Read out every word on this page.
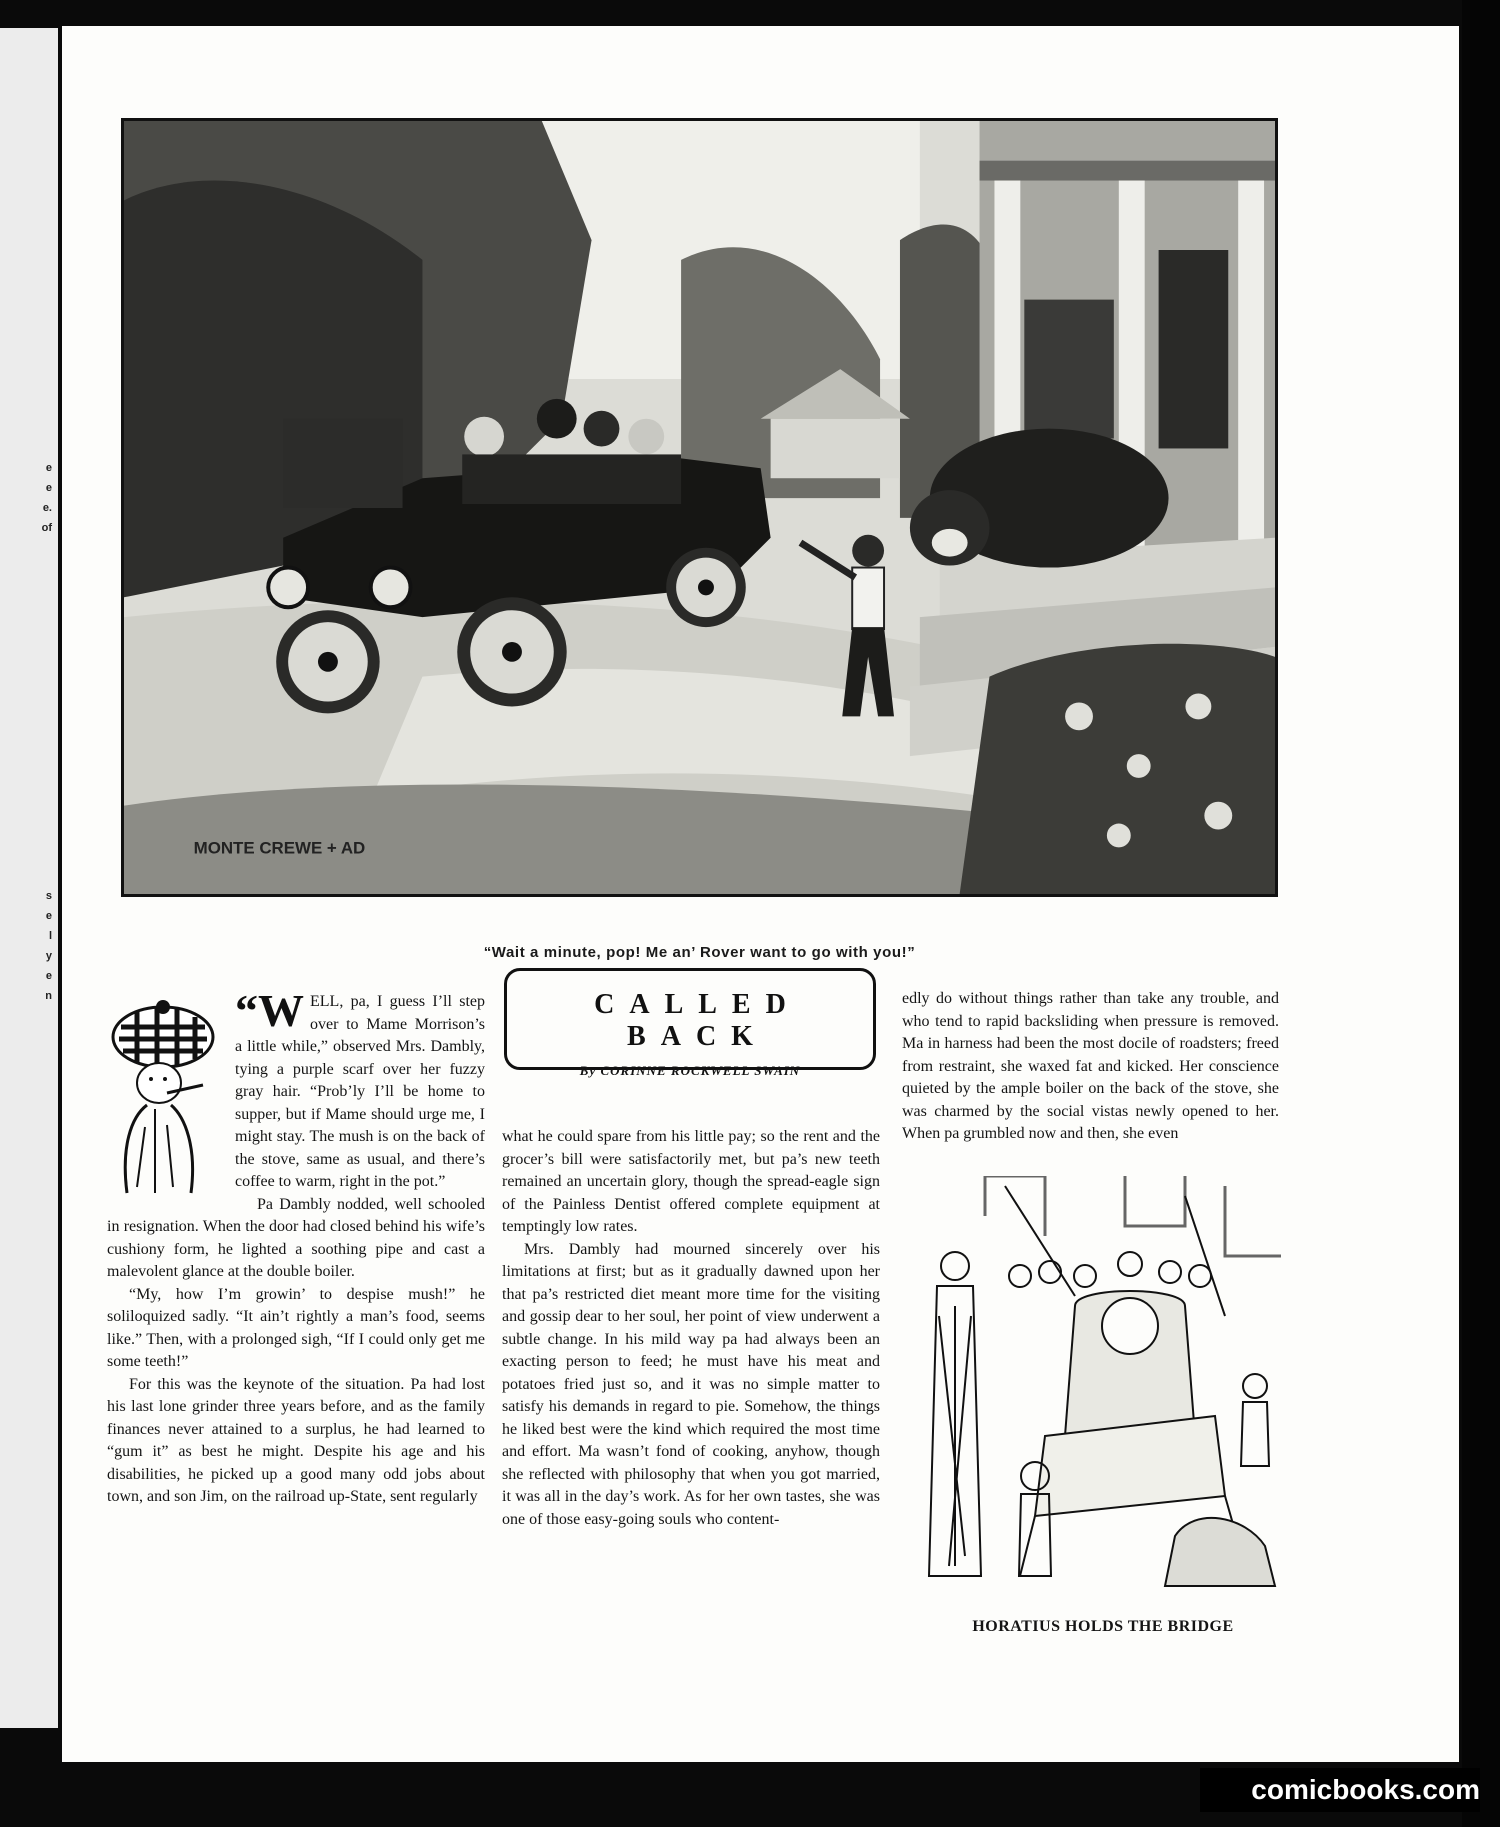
e
e
e.
of
s
e
l
y
e
n
MONTE CREWE + AD
“Wait a minute, pop! Me an’ Rover want to go with you!”

“WELL, pa, I guess I’ll step over to Mame Morrison’s a little while,” observed Mrs. Dambly, tying a purple scarf over her fuzzy gray hair. “Prob’ly I’ll be home to supper, but if Mame should urge me, I might stay. The mush is on the back of the stove, same as usual, and there’s coffee to warm, right in the pot.”

Pa Dambly nodded, well schooled in resignation. When the door had closed behind his wife’s cushiony form, he lighted a soothing pipe and cast a malevolent glance at the double boiler.

“My, how I’m growin’ to despise mush!” he soliloquized sadly. “It ain’t rightly a man’s food, seems like.” Then, with a prolonged sigh, “If I could only get me some teeth!”

For this was the keynote of the situation. Pa had lost his last lone grinder three years before, and as the family finances never attained to a surplus, he had learned to “gum it” as best he might. Despite his age and his disabilities, he picked up a good many odd jobs about town, and son Jim, on the railroad up-State, sent regularly

CALLED BACK
By CORINNE ROCKWELL SWAIN

what he could spare from his little pay; so the rent and the grocer’s bill were satisfactorily met, but pa’s new teeth remained an uncertain glory, though the spread-eagle sign of the Painless Dentist offered complete equipment at temptingly low rates.

Mrs. Dambly had mourned sincerely over his limitations at first; but as it gradually dawned upon her that pa’s restricted diet meant more time for the visiting and gossip dear to her soul, her point of view underwent a subtle change. In his mild way pa had always been an exacting person to feed; he must have his meat and potatoes fried just so, and it was no simple matter to satisfy his demands in regard to pie. Somehow, the things he liked best were the kind which required the most time and effort. Ma wasn’t fond of cooking, anyhow, though she reflected with philosophy that when you got married, it was all in the day’s work. As for her own tastes, she was one of those easy-going souls who content-

edly do without things rather than take any trouble, and who tend to rapid backsliding when pressure is removed. Ma in harness had been the most docile of roadsters; freed from restraint, she waxed fat and kicked. Her conscience quieted by the ample boiler on the back of the stove, she was charmed by the social vistas newly opened to her. When pa grumbled now and then, she even

HORATIUS HOLDS THE BRIDGE
comicbooks.com
